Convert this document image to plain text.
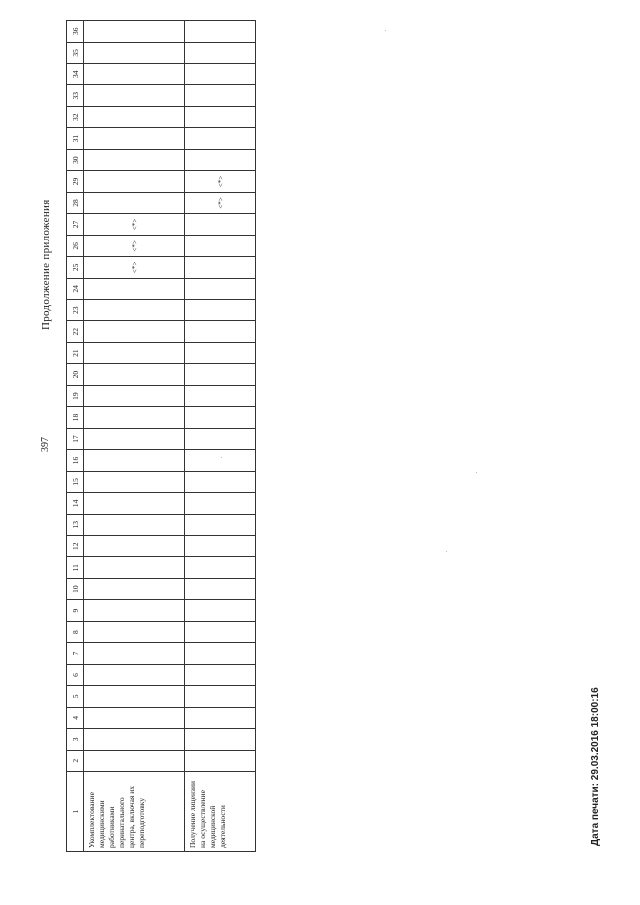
397
Продолжение приложения
Дата печати: 29.03.2016 18:00:16
1	2	3	4	5	6	7	8	9	10	11	12	13	14	15	16	17	18	19	20	21	22	23	24	25	26	27	28	29	30	31	32	33	34	35	36
Укомплектование медицинскими работниками перинатального центра, включая их переподготовку																								<*>	<*>	<*>									
Получение лицензии на осуществление медицинской деятельности																											<*>	<*>							
